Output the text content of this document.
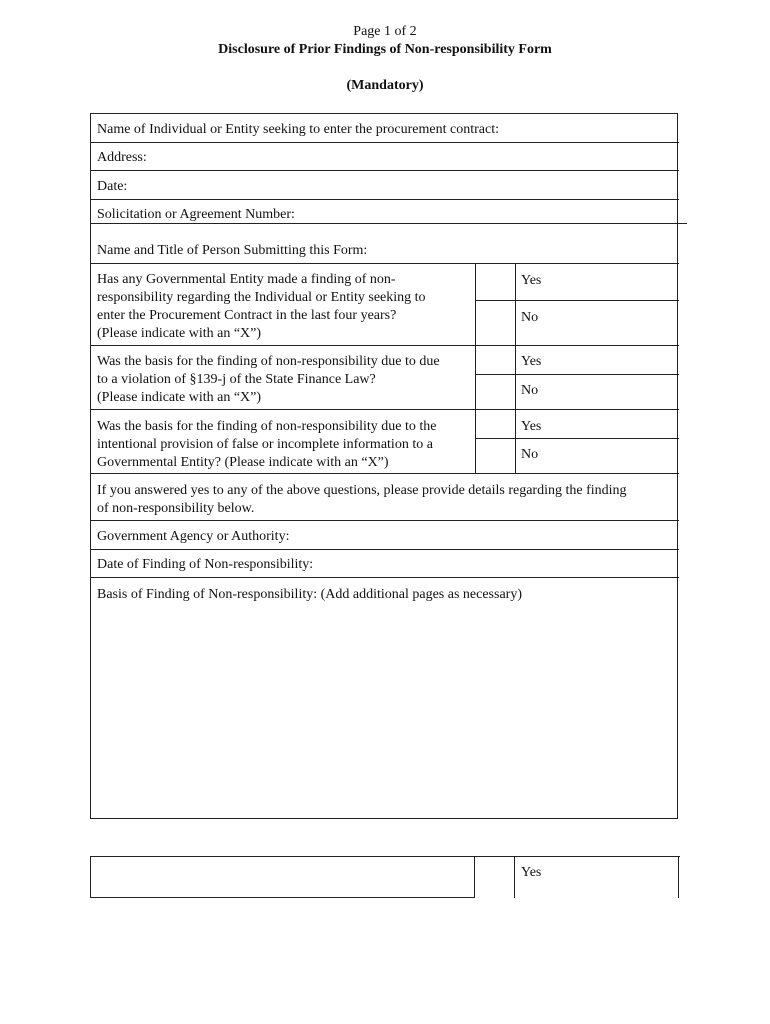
Page 1 of 2
Disclosure of Prior Findings of Non-responsibility Form
(Mandatory)
Name of Individual or Entity seeking to enter the procurement contract:
Address:
Date:
Solicitation or Agreement Number:
Name and Title of Person Submitting this Form:
Has any Governmental Entity made a finding of non-
responsibility regarding the Individual or Entity seeking to
enter the Procurement Contract in the last four years?
(Please indicate with an “X”)
Yes
No
Was the basis for the finding of non-responsibility due to due
to a violation of §139-j of the State Finance Law?
(Please indicate with an “X”)
Yes
No
Was the basis for the finding of non-responsibility due to the
intentional provision of false or incomplete information to a
Governmental Entity? (Please indicate with an “X”)
Yes
No
If you answered yes to any of the above questions, please provide details regarding the finding
of non-responsibility below.
Government Agency or Authority:
Date of Finding of Non-responsibility:
Basis of Finding of Non-responsibility: (Add additional pages as necessary)
Yes
